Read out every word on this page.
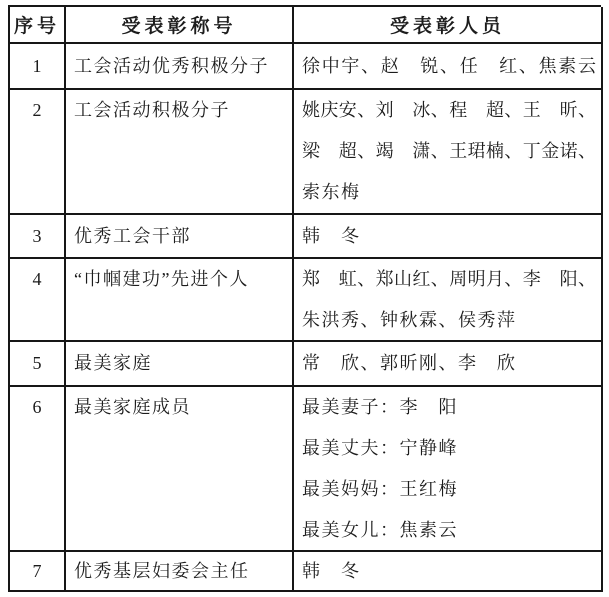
序号	受表彰称号	受表彰人员
1 工会活动优秀积极分子	徐中宇、赵　锐、任　红、焦素云
2 工会活动积极分子	姚庆安、刘　冰、程　超、王　昕、
梁　超、竭　潇、王珺楠、丁金诺、
索东梅
3 优秀工会干部	韩　冬
4 “巾帼建功”先进个人	郑　虹、郑山红、周明月、李　阳、
朱洪秀、钟秋霖、侯秀萍
5 最美家庭	常　欣、郭昕刚、李　欣
6 最美家庭成员	最美妻子：李　阳
最美丈夫：宁静峰
最美妈妈：王红梅
最美女儿：焦素云
7 优秀基层妇委会主任	韩　冬
